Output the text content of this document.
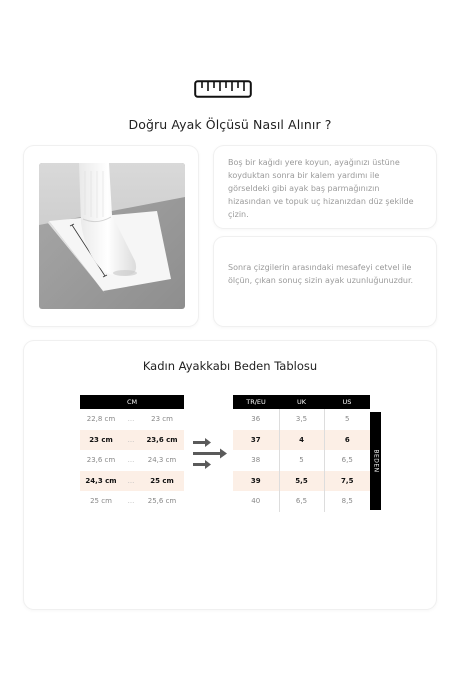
Doğru Ayak Ölçüsü Nasıl Alınır ?
Boş bir kağıdı yere koyun, ayağınızı üstüne koyduktan sonra bir kalem yardımı ile görseldeki gibi ayak baş parmağınızın hizasından ve topuk uç hizanızdan düz şekilde çizin.
Sonra çizgilerin arasındaki mesafeyi cetvel ile ölçün, çıkan sonuç sizin ayak uzunluğunuzdur.
Kadın Ayakkabı Beden Tablosu
CM		
22,8 cm	...	23 cm
23 cm	...	23,6 cm
23,6 cm	...	24,3 cm
24,3 cm	...	25 cm
25 cm	...	25,6 cm
TR/EU	UK	US
36	3,5	5
37	4	6
38	5	6,5
39	5,5	7,5
40	6,5	8,5
BEDEN
